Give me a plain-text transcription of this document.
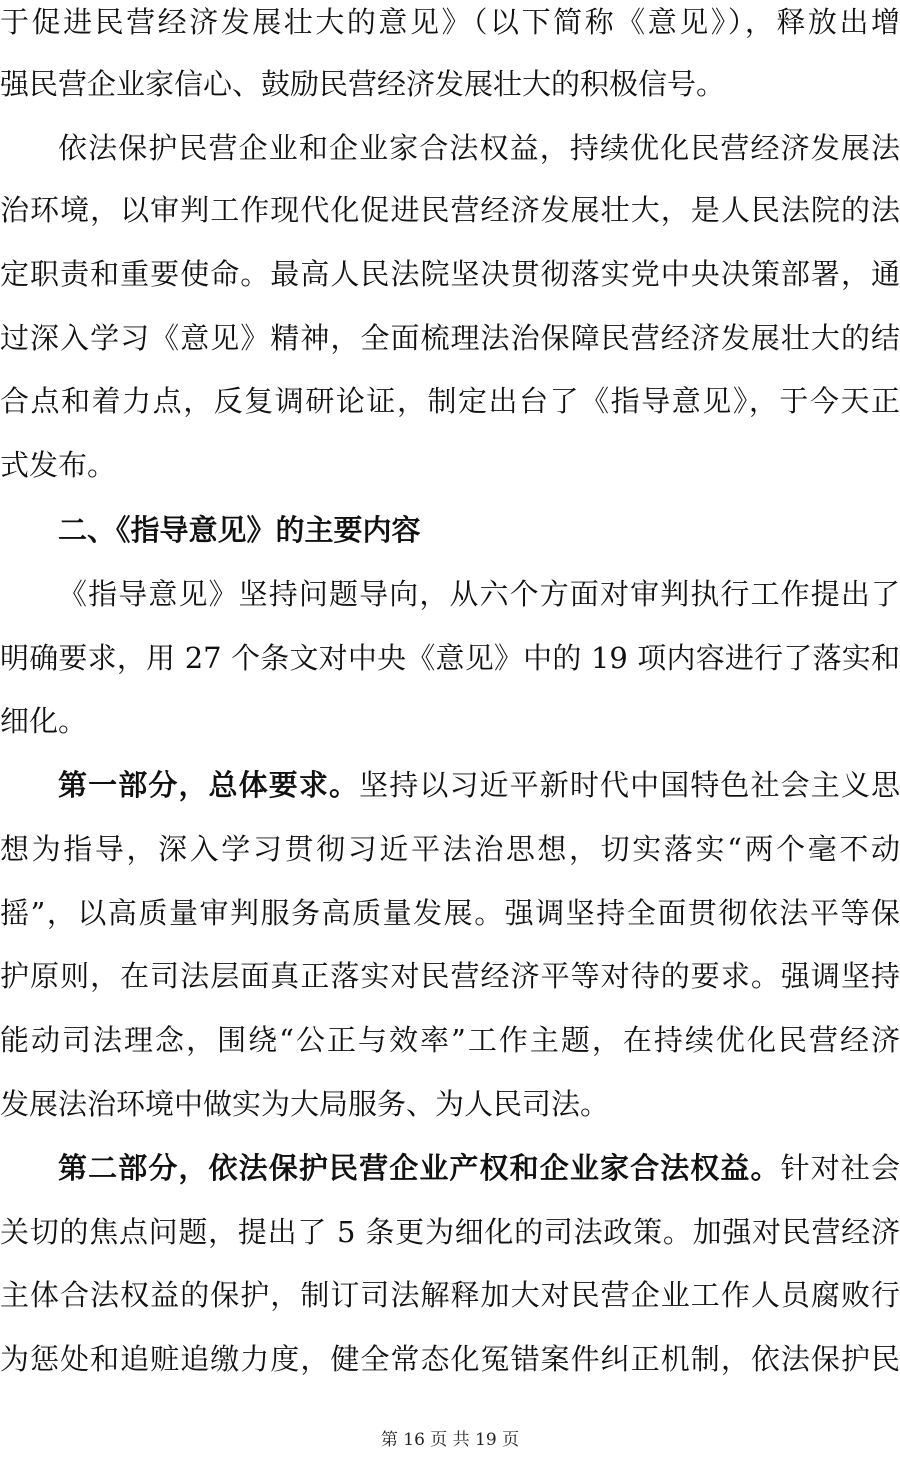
于促进民营经济发展壮大的意见》（以下简称《意见》），释放出增
强民营企业家信心、鼓励民营经济发展壮大的积极信号。
依法保护民营企业和企业家合法权益，持续优化民营经济发展法
治环境，以审判工作现代化促进民营经济发展壮大，是人民法院的法
定职责和重要使命。最高人民法院坚决贯彻落实党中央决策部署，通
过深入学习《意见》精神，全面梳理法治保障民营经济发展壮大的结
合点和着力点，反复调研论证，制定出台了《指导意见》，于今天正
式发布。
二、《指导意见》的主要内容
《指导意见》坚持问题导向，从六个方面对审判执行工作提出了
明确要求，用 27 个条文对中央《意见》中的 19 项内容进行了落实和
细化。
第一部分，总体要求。坚持以习近平新时代中国特色社会主义思
想为指导，深入学习贯彻习近平法治思想，切实落实“两个毫不动
摇”，以高质量审判服务高质量发展。强调坚持全面贯彻依法平等保
护原则，在司法层面真正落实对民营经济平等对待的要求。强调坚持
能动司法理念，围绕“公正与效率”工作主题，在持续优化民营经济
发展法治环境中做实为大局服务、为人民司法。
第二部分，依法保护民营企业产权和企业家合法权益。针对社会
关切的焦点问题，提出了 5 条更为细化的司法政策。加强对民营经济
主体合法权益的保护，制订司法解释加大对民营企业工作人员腐败行
为惩处和追赃追缴力度，健全常态化冤错案件纠正机制，依法保护民
第 16 页 共 19 页
